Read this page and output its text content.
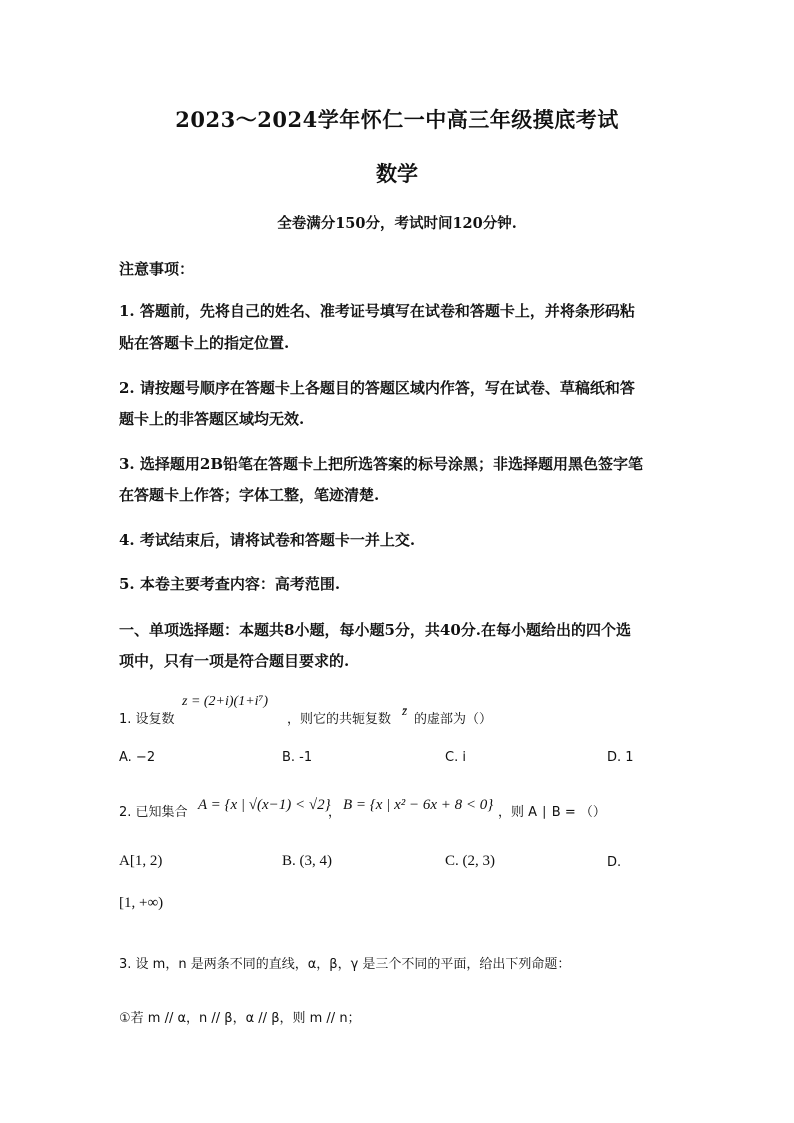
2023～2024学年怀仁一中高三年级摸底考试
数学
全卷满分150分，考试时间120分钟.
注意事项：
1. 答题前，先将自己的姓名、准考证号填写在试卷和答题卡上，并将条形码粘
贴在答题卡上的指定位置.
2. 请按题号顺序在答题卡上各题目的答题区域内作答，写在试卷、草稿纸和答
题卡上的非答题区域均无效.
3. 选择题用2B铅笔在答题卡上把所选答案的标号涂黑；非选择题用黑色签字笔
在答题卡上作答；字体工整，笔迹清楚.
4. 考试结束后，请将试卷和答题卡一并上交.
5. 本卷主要考查内容：高考范围.
一、单项选择题：本题共8小题，每小题5分，共40分.在每小题给出的四个选
项中，只有一项是符合题目要求的.
1. 设复数
z = (2+i)(1+i⁷)
，则它的共轭复数
z̄
的虚部为（）
A. −2	B. -1	C. i	D. 1
2. 已知集合 A = {x | √(x−1) < √2}
， B = {x | x² − 6x + 8 < 0} ，则 A ∣ B = （）
A[1, 2)	B. (3, 4)	C. (2, 3)	D.
[1, +∞)
3. 设 m，n 是两条不同的直线，α，β，γ 是三个不同的平面，给出下列命题：
①若 m // α，n // β，α // β，则 m // n；
